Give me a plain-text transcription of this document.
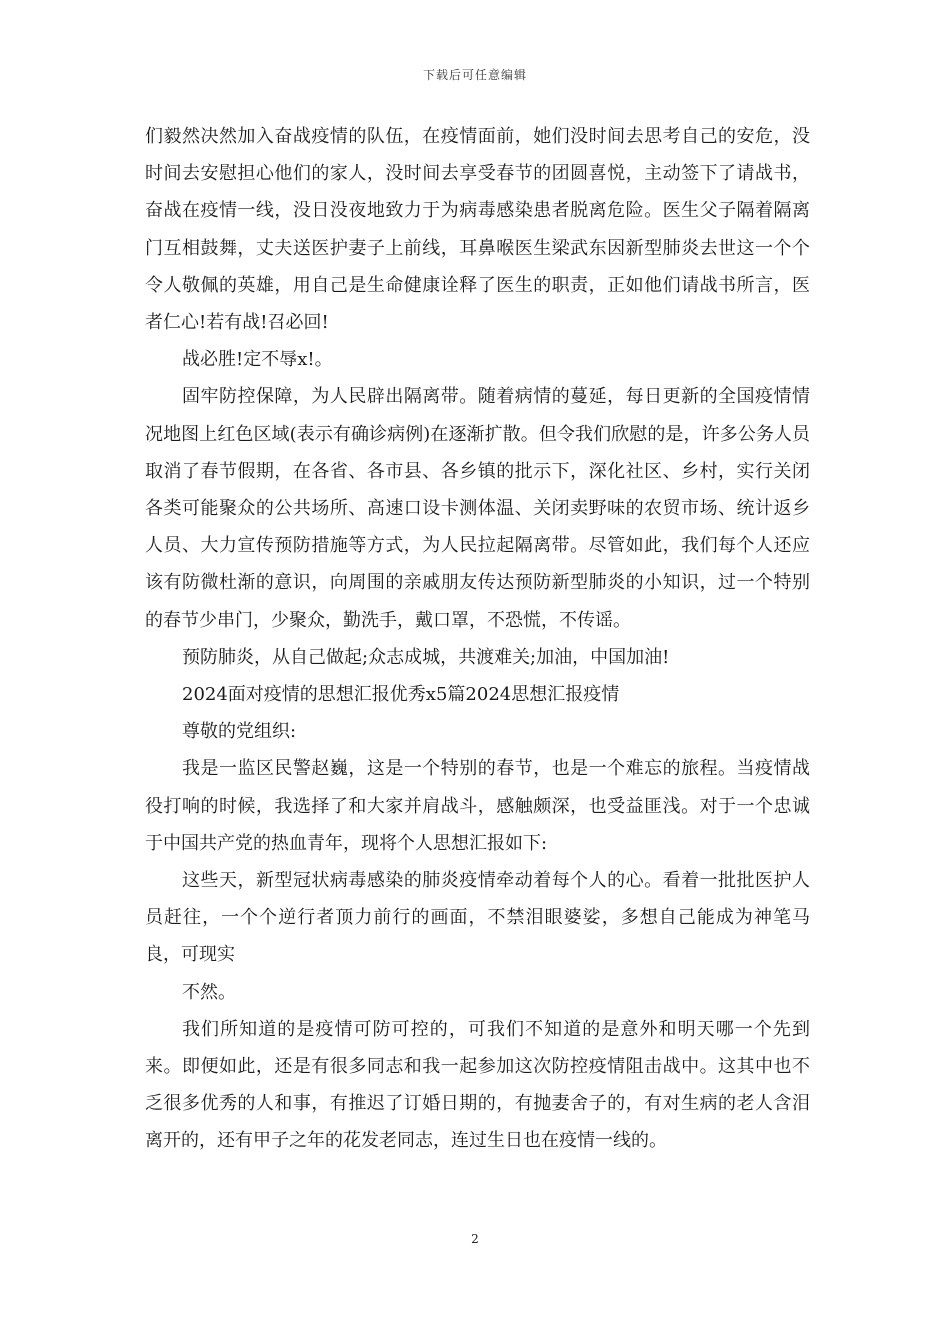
下载后可任意编辑

们毅然决然加入奋战疫情的队伍，在疫情面前，她们没时间去思考自己的安危，没时间去安慰担心他们的家人，没时间去享受春节的团圆喜悦，主动签下了请战书，奋战在疫情一线，没日没夜地致力于为病毒感染患者脱离危险。医生父子隔着隔离门互相鼓舞，丈夫送医护妻子上前线，耳鼻喉医生梁武东因新型肺炎去世这一个个令人敬佩的英雄，用自己是生命健康诠释了医生的职责，正如他们请战书所言，医者仁心!若有战!召必回!

战必胜!定不辱x!。

固牢防控保障，为人民辟出隔离带。随着病情的蔓延，每日更新的全国疫情情况地图上红色区域(表示有确诊病例)在逐渐扩散。但令我们欣慰的是，许多公务人员取消了春节假期，在各省、各市县、各乡镇的批示下，深化社区、乡村，实行关闭各类可能聚众的公共场所、高速口设卡测体温、关闭卖野味的农贸市场、统计返乡人员、大力宣传预防措施等方式，为人民拉起隔离带。尽管如此，我们每个人还应该有防微杜渐的意识，向周围的亲戚朋友传达预防新型肺炎的小知识，过一个特别的春节少串门，少聚众，勤洗手，戴口罩，不恐慌，不传谣。

预防肺炎，从自己做起;众志成城，共渡难关;加油，中国加油!

2024面对疫情的思想汇报优秀x5篇2024思想汇报疫情

尊敬的党组织:

我是一监区民警赵巍，这是一个特别的春节，也是一个难忘的旅程。当疫情战役打响的时候，我选择了和大家并肩战斗，感触颇深，也受益匪浅。对于一个忠诚于中国共产党的热血青年，现将个人思想汇报如下:

这些天，新型冠状病毒感染的肺炎疫情牵动着每个人的心。看着一批批医护人员赶往，一个个逆行者顶力前行的画面，不禁泪眼婆娑，多想自己能成为神笔马良，可现实

不然。

我们所知道的是疫情可防可控的，可我们不知道的是意外和明天哪一个先到来。即便如此，还是有很多同志和我一起参加这次防控疫情阻击战中。这其中也不乏很多优秀的人和事，有推迟了订婚日期的，有抛妻舍子的，有对生病的老人含泪离开的，还有甲子之年的花发老同志，连过生日也在疫情一线的。

2
